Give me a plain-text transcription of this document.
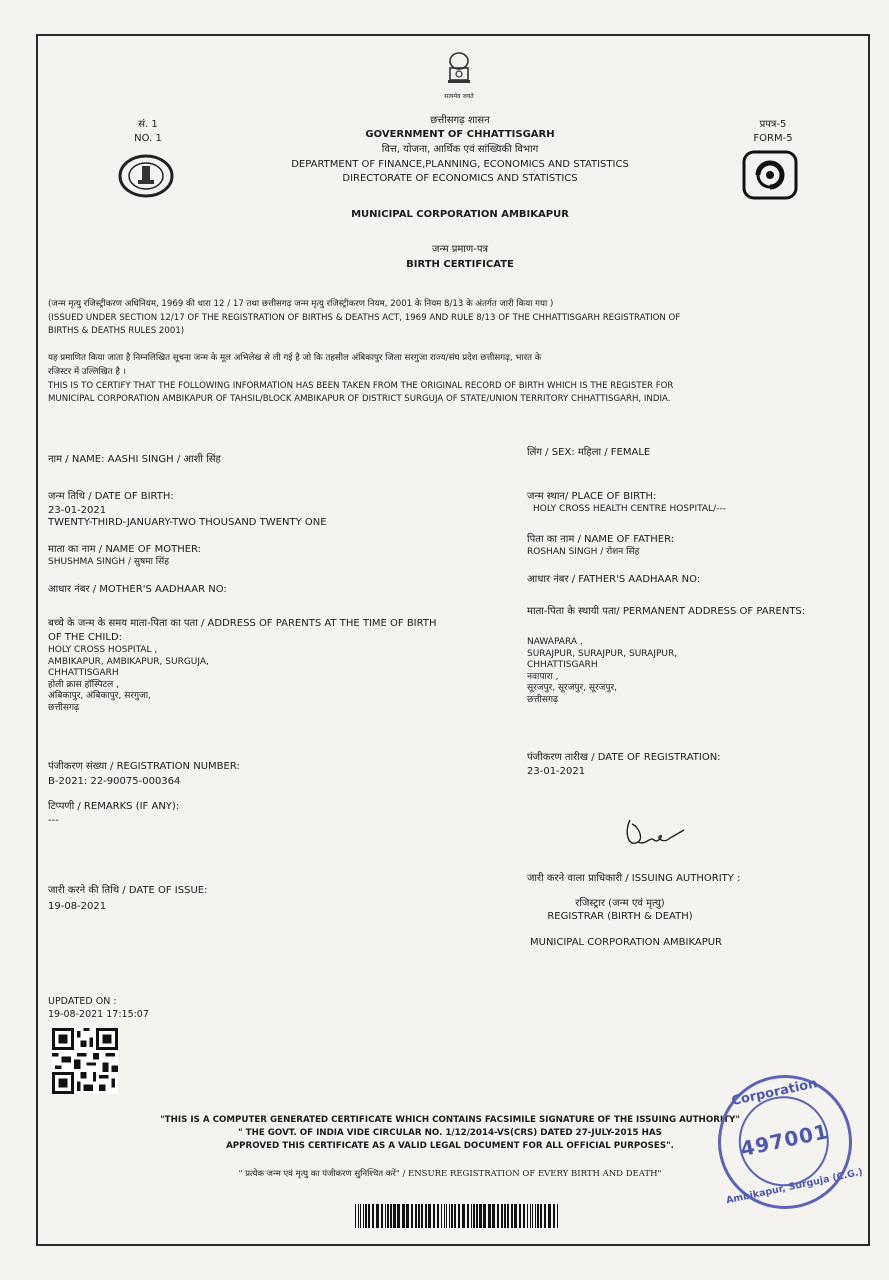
सत्यमेव जयते
सं. 1
NO. 1
प्रपत्र-5
FORM-5
छत्तीसगढ़ शासन
GOVERNMENT OF CHHATTISGARH
वित्त, योजना, आर्थिक एवं सांख्यिकी विभाग
DEPARTMENT OF FINANCE,PLANNING, ECONOMICS AND STATISTICS
DIRECTORATE OF ECONOMICS AND STATISTICS
MUNICIPAL CORPORATION AMBIKAPUR
जन्म प्रमाण-पत्र
BIRTH CERTIFICATE
(जन्म मृत्यु रजिस्ट्रीकरण अधिनियम, 1969 की धारा 12 / 17 तथा छत्तीसगढ़ जन्म मृत्यु रजिस्ट्रीकरण नियम, 2001 के नियम 8/13 के अंतर्गत जारी किया गया )
(ISSUED UNDER SECTION 12/17 OF THE REGISTRATION OF BIRTHS & DEATHS ACT, 1969 AND RULE 8/13 OF THE CHHATTISGARH REGISTRATION OF
BIRTHS & DEATHS RULES 2001)
यह प्रमाणित किया जाता है निम्नलिखित सूचना जन्म के मूल अभिलेख से ली गई है जो कि तहसील अंबिकापुर जिला सरगुजा राज्य/संघ प्रदेश छत्तीसगढ़, भारत के
रजिस्टर में उल्लिखित है ।
THIS IS TO CERTIFY THAT THE FOLLOWING INFORMATION HAS BEEN TAKEN FROM THE ORIGINAL RECORD OF BIRTH WHICH IS THE REGISTER FOR
MUNICIPAL CORPORATION AMBIKAPUR OF TAHSIL/BLOCK AMBIKAPUR OF DISTRICT SURGUJA OF STATE/UNION TERRITORY CHHATTISGARH, INDIA.
नाम / NAME: AASHI SINGH / आशी सिंह
लिंग / SEX: महिला / FEMALE
जन्म तिथि / DATE OF BIRTH:
23-01-2021
TWENTY-THIRD-JANUARY-TWO THOUSAND TWENTY ONE
जन्म स्थान/ PLACE OF BIRTH:
HOLY CROSS HEALTH CENTRE HOSPITAL/---
माता का नाम / NAME OF MOTHER:
SHUSHMA SINGH / सुषमा सिंह
पिता का नाम / NAME OF FATHER:
ROSHAN SINGH / रोशन सिंह
आधार नंबर / MOTHER'S AADHAAR NO:
आधार नंबर / FATHER'S AADHAAR NO:
बच्चे के जन्म के समय माता-पिता का पता / ADDRESS OF PARENTS AT THE TIME OF BIRTH
OF THE CHILD:
HOLY CROSS HOSPITAL ,
AMBIKAPUR, AMBIKAPUR, SURGUJA,
CHHATTISGARH
होली क्रास हॉस्पिटल ,
अंबिकापुर, अंबिकापुर, सरगुजा,
छत्तीसगढ़
माता-पिता के स्थायी पता/ PERMANENT ADDRESS OF PARENTS:
NAWAPARA ,
SURAJPUR, SURAJPUR, SURAJPUR,
CHHATTISGARH
नवापारा ,
सूरजपुर, सूरजपुर, सूरजपुर,
छत्तीसगढ़
पंजीकरण संख्या / REGISTRATION NUMBER:
B-2021: 22-90075-000364
पंजीकरण तारीख / DATE OF REGISTRATION:
23-01-2021
टिप्पणी / REMARKS (IF ANY):
---
जारी करने की तिथि / DATE OF ISSUE:
19-08-2021
जारी करने वाला प्राधिकारी / ISSUING AUTHORITY :
रजिस्ट्रार (जन्म एवं मृत्यु)
REGISTRAR (BIRTH & DEATH)
MUNICIPAL CORPORATION AMBIKAPUR
UPDATED ON :
19-08-2021 17:15:07
"THIS IS A COMPUTER GENERATED CERTIFICATE WHICH CONTAINS FACSIMILE SIGNATURE OF THE ISSUING AUTHORITY"
" THE GOVT. OF INDIA VIDE CIRCULAR NO. 1/12/2014-VS(CRS) DATED 27-JULY-2015 HAS
APPROVED THIS CERTIFICATE AS A VALID LEGAL DOCUMENT FOR ALL OFFICIAL PURPOSES".
" प्रत्येक जन्म एवं मृत्यु का पंजीकरण सुनिश्चित करें" / ENSURE REGISTRATION OF EVERY BIRTH AND DEATH"
Corporation
497001
Ambikapur, Surguja (C.G.)
